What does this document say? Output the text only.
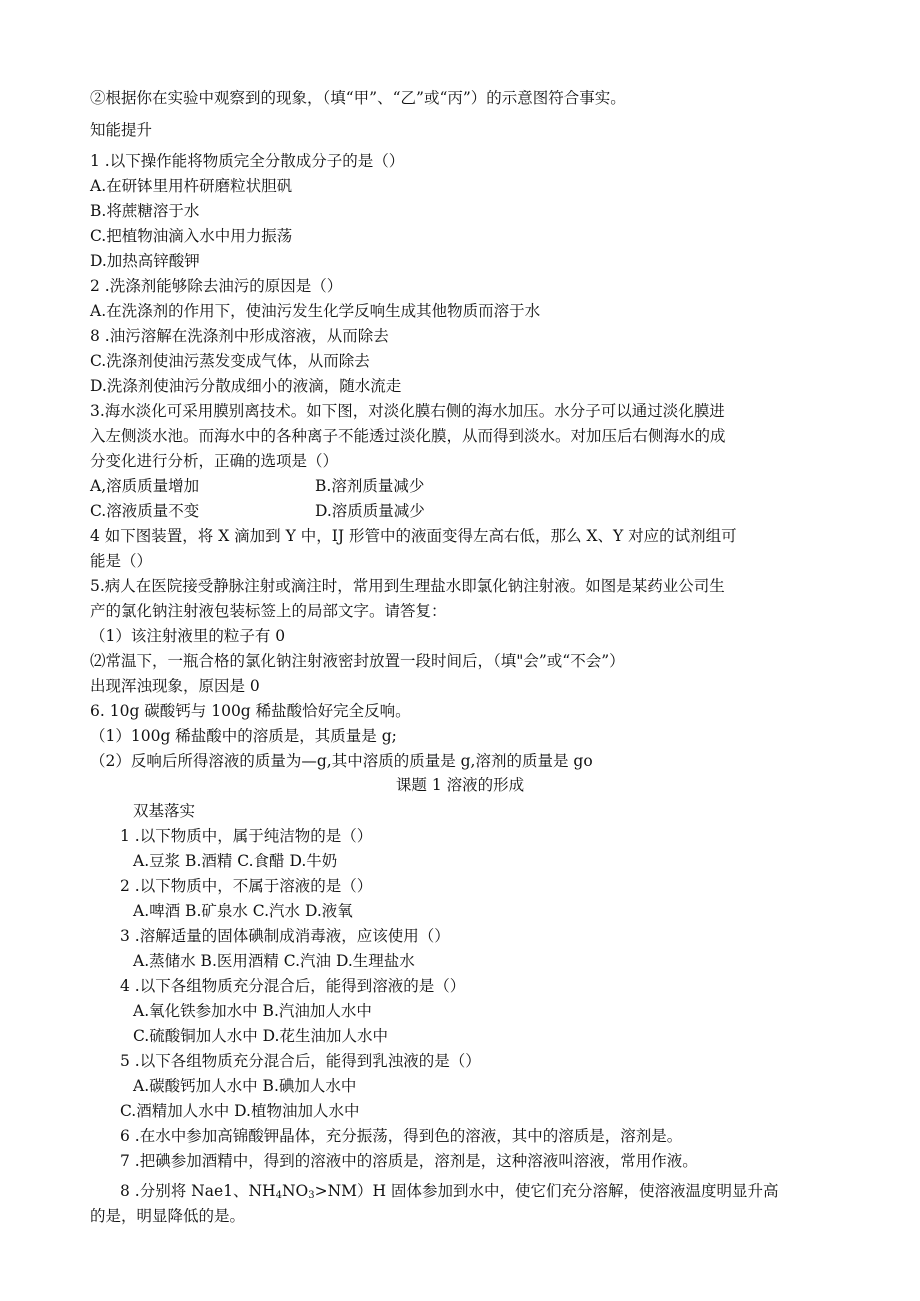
②根据你在实验中观察到的现象，（填“甲”、“乙”或“丙”）的示意图符合事实。
知能提升
1 .以下操作能将物质完全分散成分子的是（）
A.在研钵里用杵研磨粒状胆矾
B.将蔗糖溶于水
C.把植物油滴入水中用力振荡
D.加热高锌酸钾
2 .洗涤剂能够除去油污的原因是（）
A.在洗涤剂的作用下，使油污发生化学反响生成其他物质而溶于水
8 .油污溶解在洗涤剂中形成溶液，从而除去
C.洗涤剂使油污蒸发变成气体，从而除去
D.洗涤剂使油污分散成细小的液滴，随水流走
3.海水淡化可采用膜别离技术。如下图，对淡化膜右侧的海水加压。水分子可以通过淡化膜进
入左侧淡水池。而海水中的各种离子不能透过淡化膜，从而得到淡水。对加压后右侧海水的成
分变化进行分析，正确的选项是（）
A,溶质质量增加	B.溶剂质量减少
C.溶液质量不变	D.溶质质量减少
4 如下图装置，将 X 滴加到 Y 中，IJ 形管中的液面变得左高右低，那么 X、Y 对应的试剂组可
能是（）
5.病人在医院接受静脉注射或滴注时，常用到生理盐水即氯化钠注射液。如图是某药业公司生
产的氯化钠注射液包装标签上的局部文字。请答复：
（1）该注射液里的粒子有 0
⑵常温下，一瓶合格的氯化钠注射液密封放置一段时间后，（填"会”或“不会”）
出现浑浊现象，原因是 0
6. 10g 碳酸钙与 100g 稀盐酸恰好完全反响。
（1）100g 稀盐酸中的溶质是，其质量是 g;
（2）反响后所得溶液的质量为—g,其中溶质的质量是 g,溶剂的质量是 go
课题 1 溶液的形成
双基落实
1 .以下物质中，属于纯洁物的是（）
A.豆浆 B.酒精 C.食醋 D.牛奶
2 .以下物质中，不属于溶液的是（）
A.啤酒 B.矿泉水 C.汽水 D.液氧
3 .溶解适量的固体碘制成消毒液，应该使用（）
A.蒸储水 B.医用酒精 C.汽油 D.生理盐水
4 .以下各组物质充分混合后，能得到溶液的是（）
A.氧化铁参加水中 B.汽油加人水中
C.硫酸铜加人水中 D.花生油加人水中
5 .以下各组物质充分混合后，能得到乳浊液的是（）
A.碳酸钙加人水中 B.碘加人水中
C.酒精加人水中 D.植物油加人水中
6 .在水中参加高锦酸钾晶体，充分振荡，得到色的溶液，其中的溶质是，溶剂是。
7 .把碘参加酒精中，得到的溶液中的溶质是，溶剂是，这种溶液叫溶液，常用作液。
8 .分别将 Nae1、$NH_4NO_3>NM)H$ 固体参加到水中，使它们充分溶解，使溶液温度明显升高
的是，明显降低的是。
